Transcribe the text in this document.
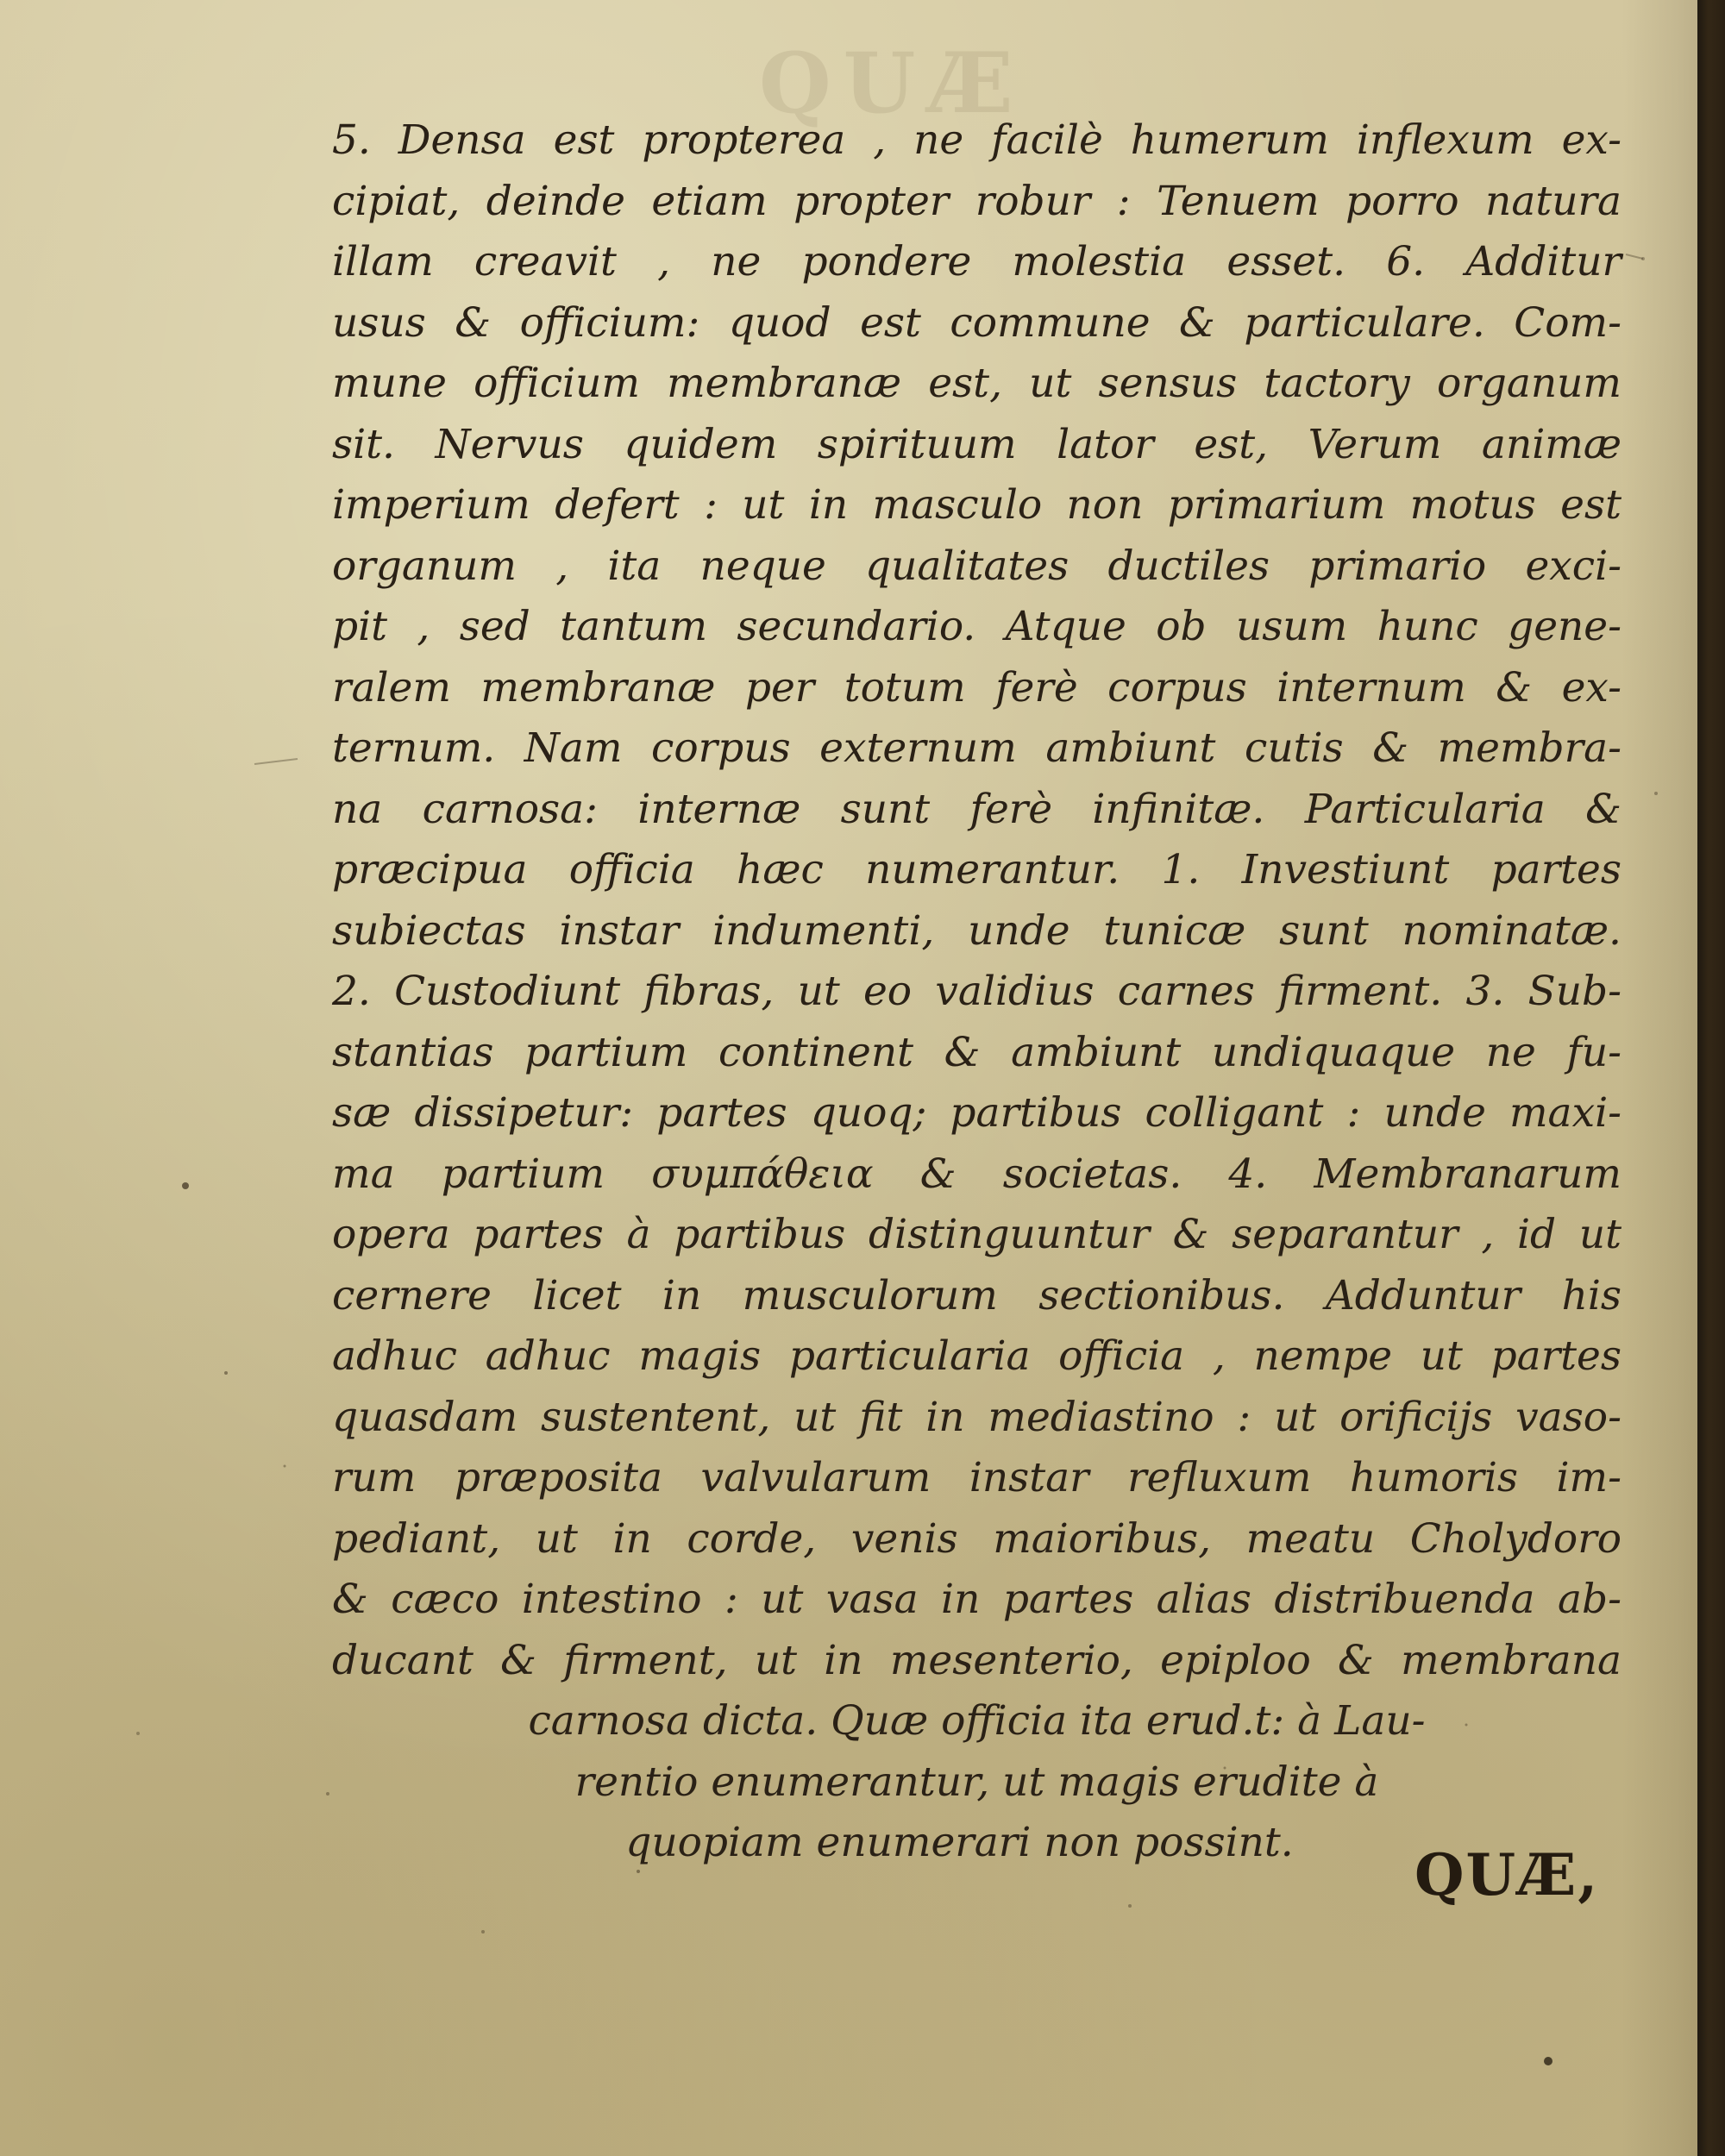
QUÆ
5. Densa est propterea , ne facilè humerum inflexum ex-
cipiat, deinde etiam propter robur : Tenuem porro natura
illam creavit , ne pondere molestia esset. 6. Additur
usus & officium: quod est commune & particulare. Com-
mune officium membranæ est, ut sensus tactory organum
sit. Nervus quidem spirituum lator est, Verum animæ
imperium defert : ut in masculo non primarium motus est
organum , ita neque qualitates ductiles primario exci-
pit , sed tantum secundario. Atque ob usum hunc gene-
ralem membranæ per totum ferè corpus internum & ex-
ternum. Nam corpus externum ambiunt cutis & membra-
na carnosa: internæ sunt ferè infinitæ. Particularia &
præcipua officia hæc numerantur. 1. Investiunt partes
subiectas instar indumenti, unde tunicæ sunt nominatæ.
2. Custodiunt fibras, ut eo validius carnes firment. 3. Sub-
stantias partium continent & ambiunt undiquaque ne fu-
sæ dissipetur: partes quoq; partibus colligant : unde maxi-
ma partium συμπάθεια & societas. 4. Membranarum
opera partes à partibus distinguuntur & separantur , id ut
cernere licet in musculorum sectionibus. Adduntur his
adhuc adhuc magis particularia officia , nempe ut partes
quasdam sustentent, ut fit in mediastino : ut orificijs vaso-
rum præposita valvularum instar refluxum humoris im-
pediant, ut in corde, venis maioribus, meatu Cholydoro
& cæco intestino : ut vasa in partes alias distribuenda ab-
ducant & firment, ut in mesenterio, epiploo & membrana
carnosa dicta. Quæ officia ita erud.t: à Lau-
rentio enumerantur, ut magis erudite à
quopiam enumerari non possint.	QUÆ,
